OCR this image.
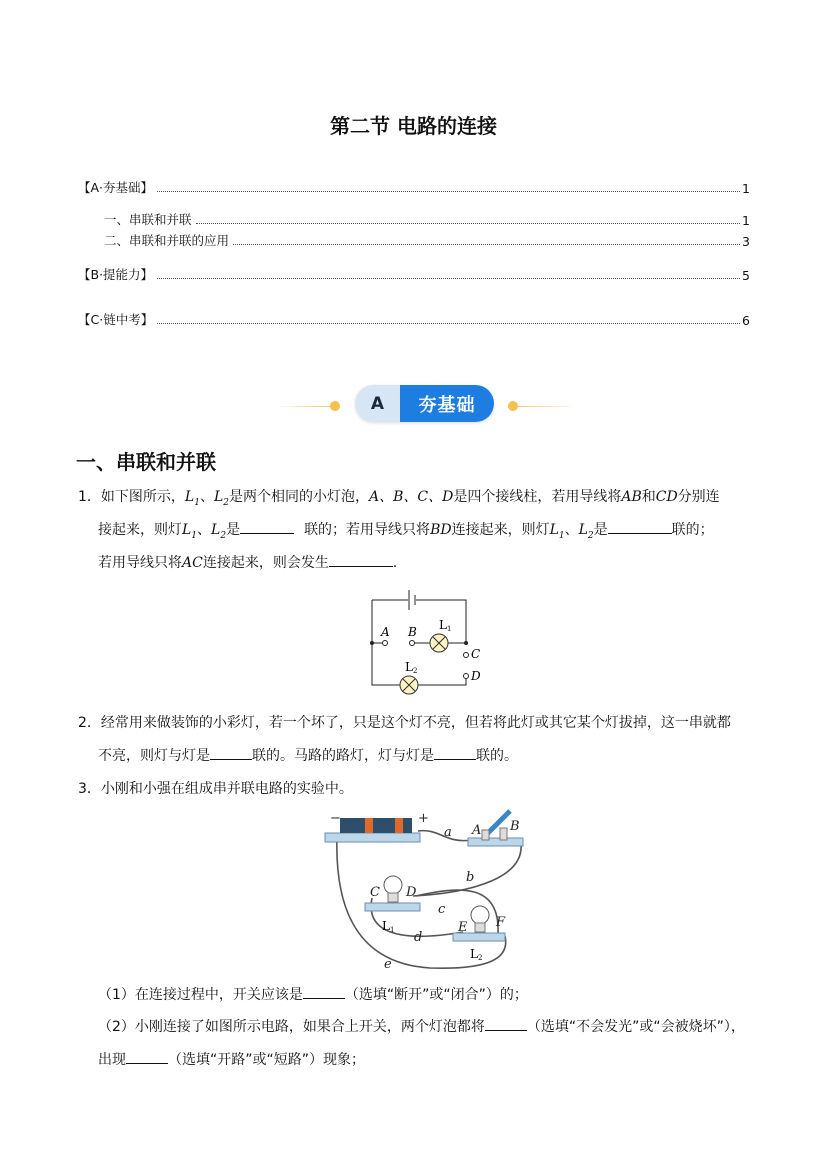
第二节 电路的连接
【A·夯基础】	1
一、串联和并联	1
二、串联和并联的应用	3
【B·提能力】	5
【C·链中考】	6
A	夯基础
一、串联和并联
1．如下图所示，$L_1$、$L_2$是两个相同的小灯泡，A、B、C、D是四个接线柱，若用导线将AB和CD分别连
接起来，则灯$L_1$、$L_2$是	联的；若用导线只将BD连接起来，则灯$L_1$、$L_2$是	联的；
若用导线只将AC连接起来，则会发生	.
A B
C
D
L 1
L 2
2．经常用来做装饰的小彩灯，若一个坏了，只是这个灯不亮，但若将此灯或其它某个灯拔掉，这一串就都
不亮，则灯与灯是	联的。马路的路灯，灯与灯是	联的。
3．小刚和小强在组成串并联电路的实验中。
−	+
a
b
c
d
e
A B
C D
E F
L 1
L 2
（1）在连接过程中，开关应该是	（选填“断开”或“闭合”）的；
（2）小刚连接了如图所示电路，如果合上开关，两个灯泡都将	（选填“不会发光”或“会被烧坏”），
出现	（选填“开路”或“短路”）现象；
